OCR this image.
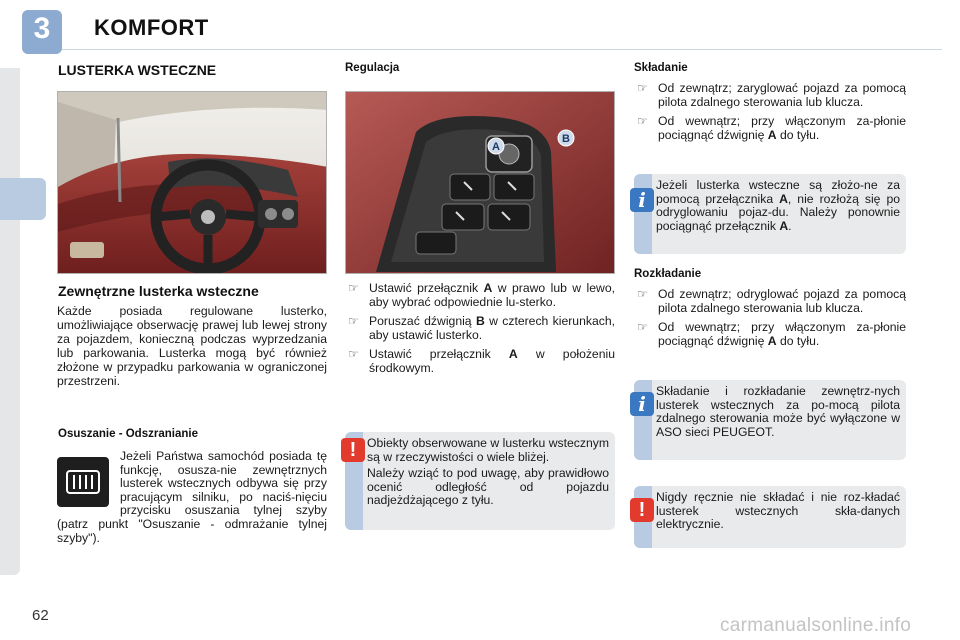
3	KOMFORT
LUSTERKA WSTECZNE
Zewnętrzne lusterka wsteczne
Każde posiada regulowane lusterko, umożliwiające obserwację prawej lub lewej strony za pojazdem, konieczną podczas wyprzedzania lub parkowania. Lusterka mogą być również złożone w przypadku parkowania w ograniczonej przestrzeni.
Osuszanie - Odszranianie
Jeżeli Państwa samochód posiada tę funkcję, osusza-nie zewnętrznych lusterek wstecznych odbywa się przy pracującym silniku, po naciś-nięciu przycisku osuszania tylnej szyby (patrz punkt "Osuszanie - odmrażanie tylnej szyby").
Regulacja
A
B
☞ Ustawić przełącznik A w prawo lub w lewo, aby wybrać odpowiednie lu-sterko.
☞ Poruszać dźwignią B w czterech kierunkach, aby ustawić lusterko.
☞ Ustawić przełącznik A w położeniu środkowym.

Obiekty obserwowane w lusterku wstecznym są w rzeczywistości o wiele bliżej.

Należy wziąć to pod uwagę, aby prawidłowo ocenić odległość od pojazdu nadjeżdżającego z tyłu.

!
Składanie
☞ Od zewnątrz; zaryglować pojazd za pomocą pilota zdalnego sterowania lub klucza.
☞ Od wewnątrz; przy włączonym za-płonie pociągnąć dźwignię A do tyłu.
Jeżeli lusterka wsteczne są złożo-ne za pomocą przełącznika A, nie rozłożą się po odryglowaniu pojaz-du. Należy ponownie pociągnąć przełącznik A.
i
Rozkładanie
☞ Od zewnątrz; odryglować pojazd za pomocą pilota zdalnego sterowania lub klucza.
☞ Od wewnątrz; przy włączonym za-płonie pociągnąć dźwignię A do tyłu.
Składanie i rozkładanie zewnętrz-nych lusterek wstecznych za po-mocą pilota zdalnego sterowania może być wyłączone w ASO sieci PEUGEOT.
i
Nigdy ręcznie nie składać i nie roz-kładać lusterek wstecznych skła-danych elektrycznie.
!
62	carmanualsonline.info
